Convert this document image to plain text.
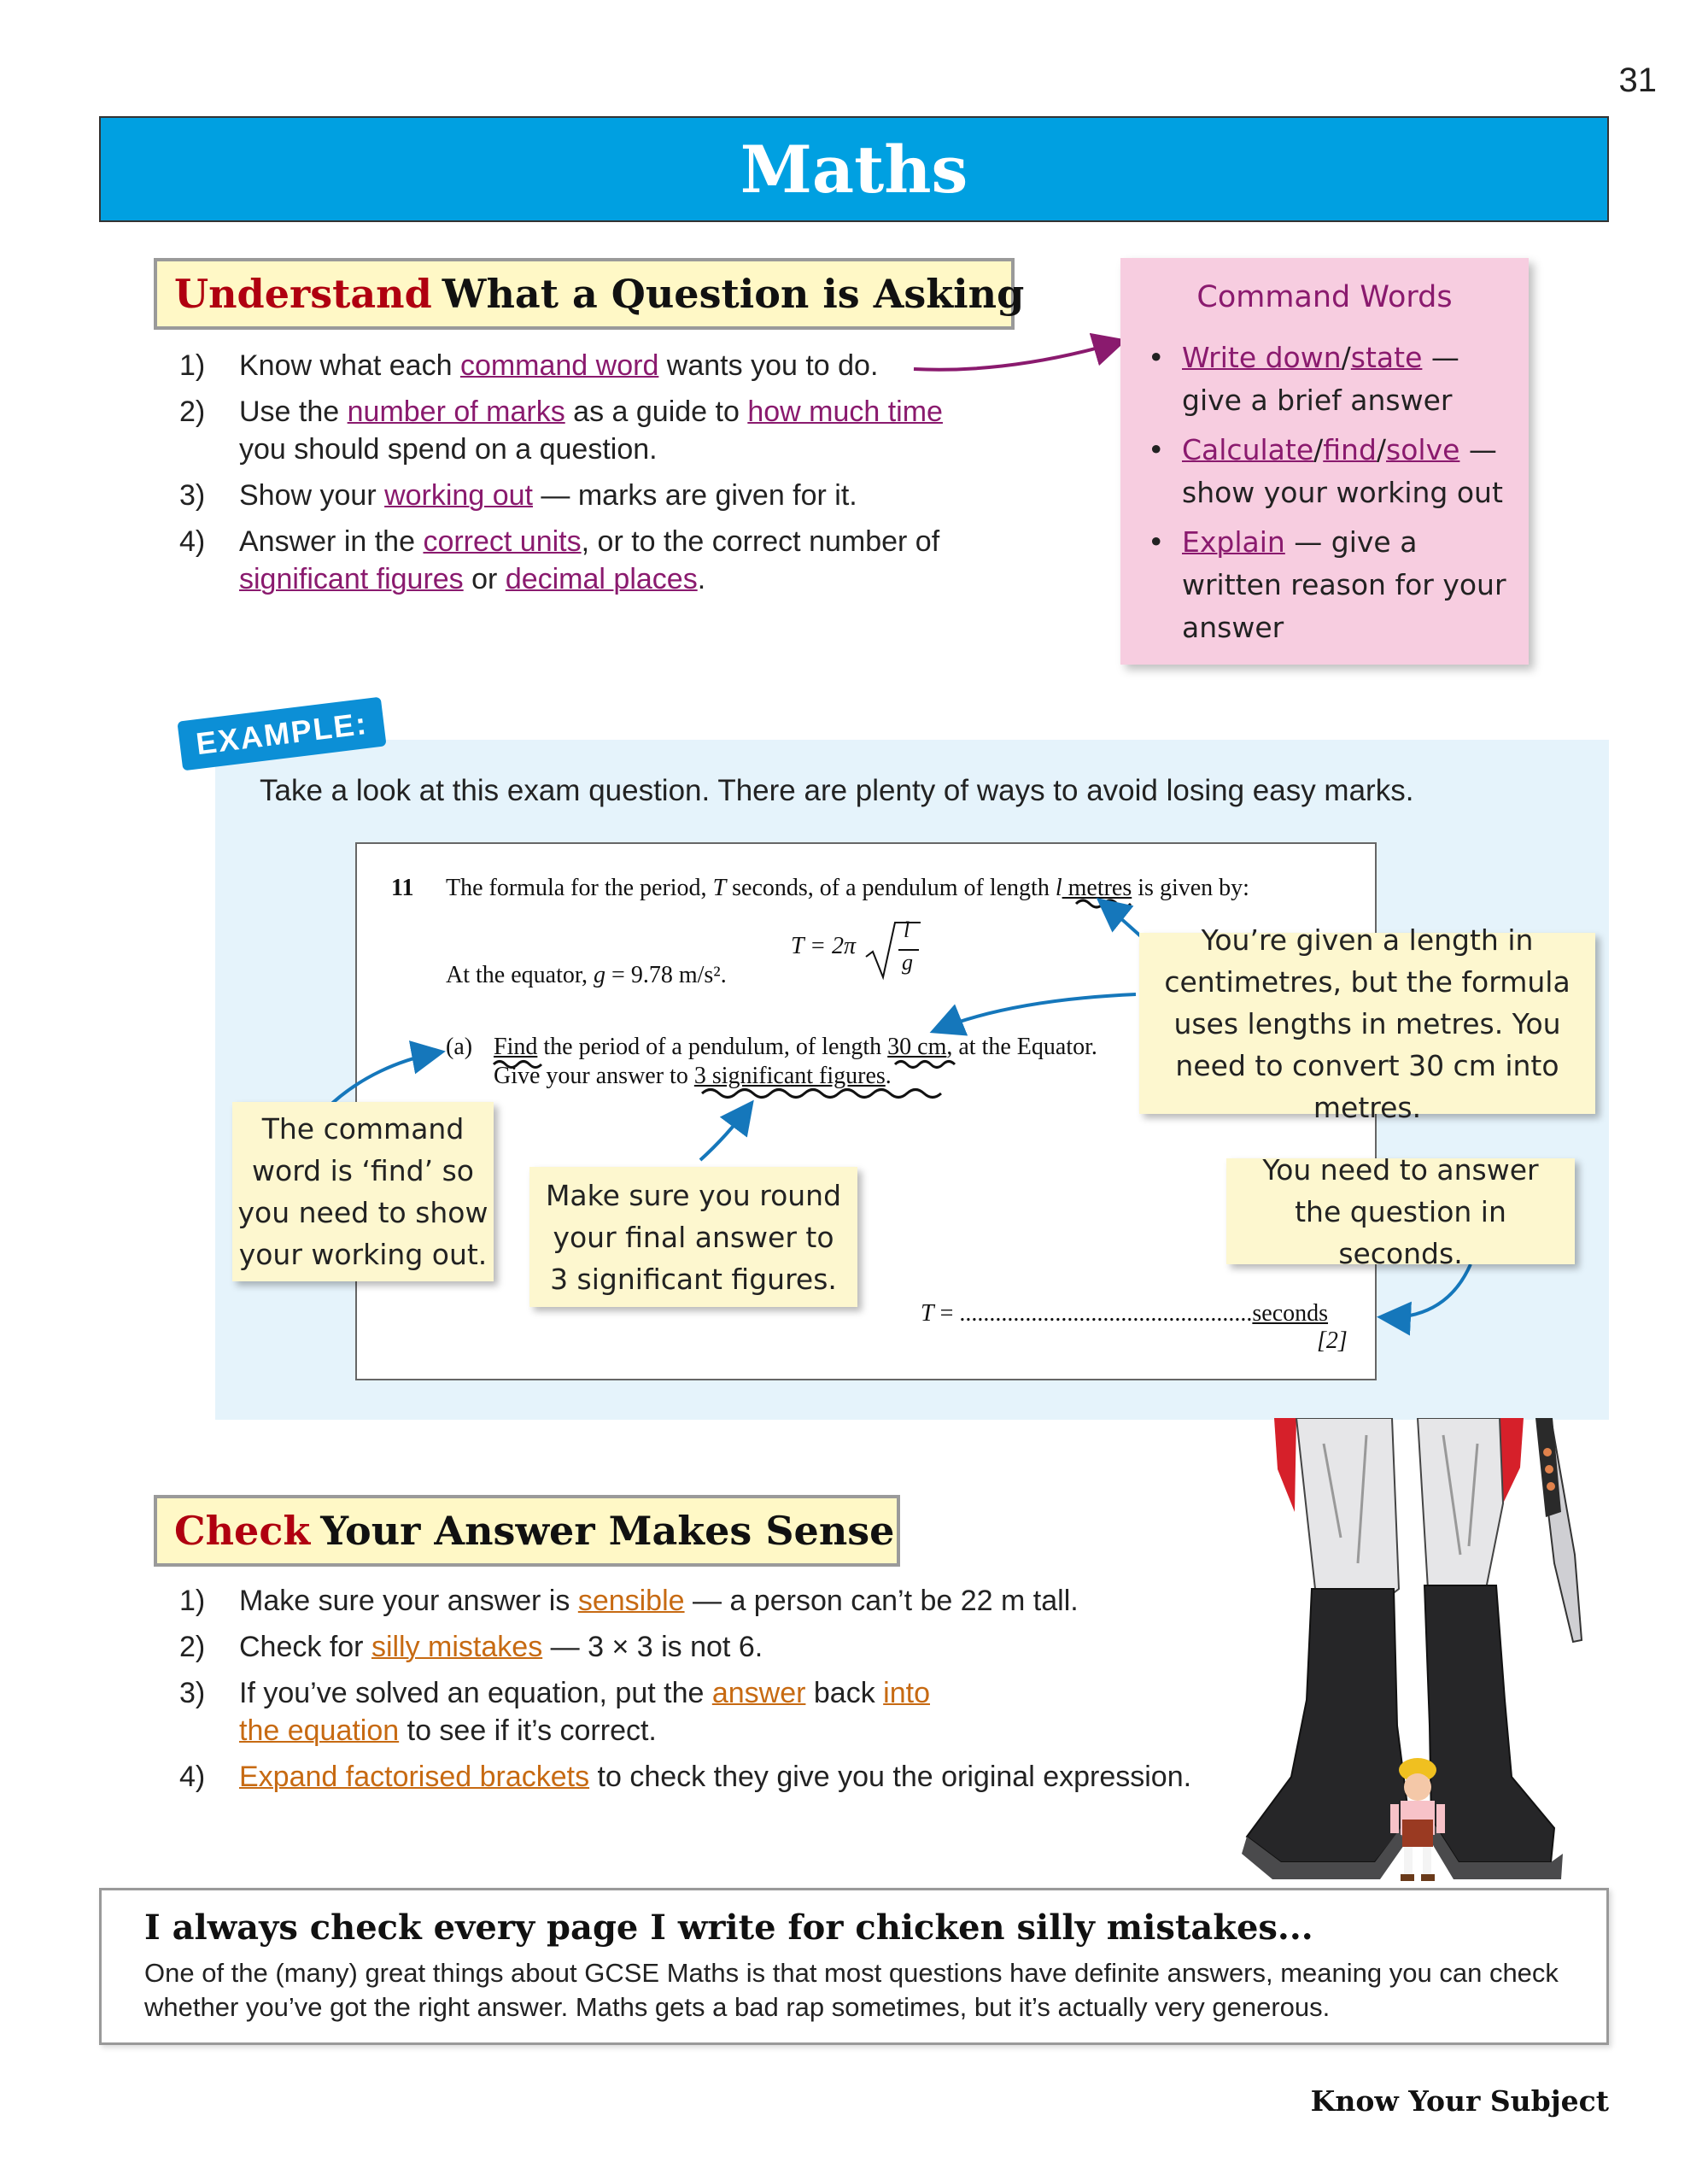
31
Maths
Understand What a Question is Asking
1) Know what each command word wants you to do.
2) Use the number of marks as a guide to how much time you should spend on a question.
3) Show your working out — marks are given for it.
4) Answer in the correct units, or to the correct number of significant figures or decimal places.
Command Words
• Write down/state — give a brief answer
• Calculate/find/solve — show your working out
• Explain — give a written reason for your answer
EXAMPLE:
Take a look at this exam question. There are plenty of ways to avoid losing easy marks.
11 The formula for the period, T seconds, of a pendulum of length l metres is given by:
T = 2π
l
g
At the equator, g = 9.78 m/s².
(a) Find the period of a pendulum, of length 30 cm, at the Equator.
Give your answer to 3 significant figures.
T = .................................................seconds
[2]
The command word is ‘find’ so you need to show your working out.
Make sure you round your final answer to 3 significant figures.
You’re given a length in centimetres, but the formula uses lengths in metres. You need to convert 30 cm into metres.
You need to answer the question in seconds.
Check Your Answer Makes Sense
1) Make sure your answer is sensible — a person can’t be 22 m tall.
2) Check for silly mistakes — 3 × 3 is not 6.
3) If you’ve solved an equation, put the answer back into the equation to see if it’s correct.
4) Expand factorised brackets to check they give you the original expression.
I always check every page I write for chicken silly mistakes...
One of the (many) great things about GCSE Maths is that most questions have definite answers, meaning you can check whether you’ve got the right answer. Maths gets a bad rap sometimes, but it’s actually very generous.
Know Your Subject
